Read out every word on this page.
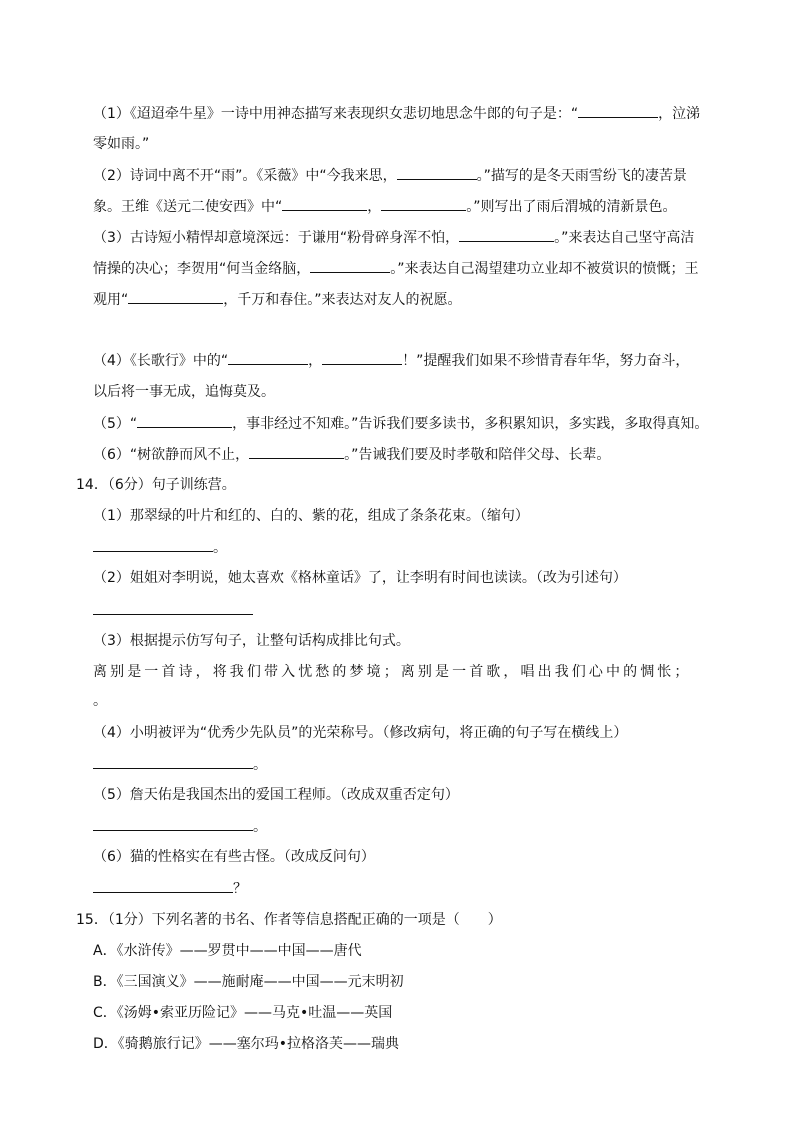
（1）《迢迢牵牛星》一诗中用神态描写来表现织女悲切地思念牛郎的句子是：“	，泣涕
零如雨。”
（2）诗词中离不开“雨”。《采薇》中“今我来思，	。”描写的是冬天雨雪纷飞的凄苦景
象。王维《送元二使安西》中“	，	。”则写出了雨后渭城的清新景色。
（3）古诗短小精悍却意境深远：于谦用“粉骨碎身浑不怕，	。”来表达自己坚守高洁
情操的决心；李贺用“何当金络脑，	。”来表达自己渴望建功立业却不被赏识的愤慨；王
观用“	，千万和春住。”来表达对友人的祝愿。
（4）《长歌行》中的“	，	！”提醒我们如果不珍惜青春年华，努力奋斗，
以后将一事无成，追悔莫及。
（5）“	，事非经过不知难。”告诉我们要多读书，多积累知识，多实践，多取得真知。
（6）“树欲静而风不止，	。”告诫我们要及时孝敬和陪伴父母、长辈。
14．（6分）句子训练营。
（1）那翠绿的叶片和红的、白的、紫的花，组成了条条花束。（缩句）
。
（2）姐姐对李明说，她太喜欢《格林童话》了，让李明有时间也读读。（改为引述句）
（3）根据提示仿写句子，让整句话构成排比句式。
离别是一首诗，将我们带入忧愁的梦境；离别是一首歌，唱出我们心中的惆怅；
。
（4）小明被评为“优秀少先队员”的光荣称号。（修改病句，将正确的句子写在横线上）
。
（5）詹天佑是我国杰出的爱国工程师。（改成双重否定句）
。
（6）猫的性格实在有些古怪。（改成反问句）
？
15．（1分）下列名著的书名、作者等信息搭配正确的一项是（　　）
A．《水浒传》——罗贯中——中国——唐代
B．《三国演义》——施耐庵——中国——元末明初
C．《汤姆•索亚历险记》——马克•吐温——英国
D．《骑鹅旅行记》——塞尔玛•拉格洛芙——瑞典
